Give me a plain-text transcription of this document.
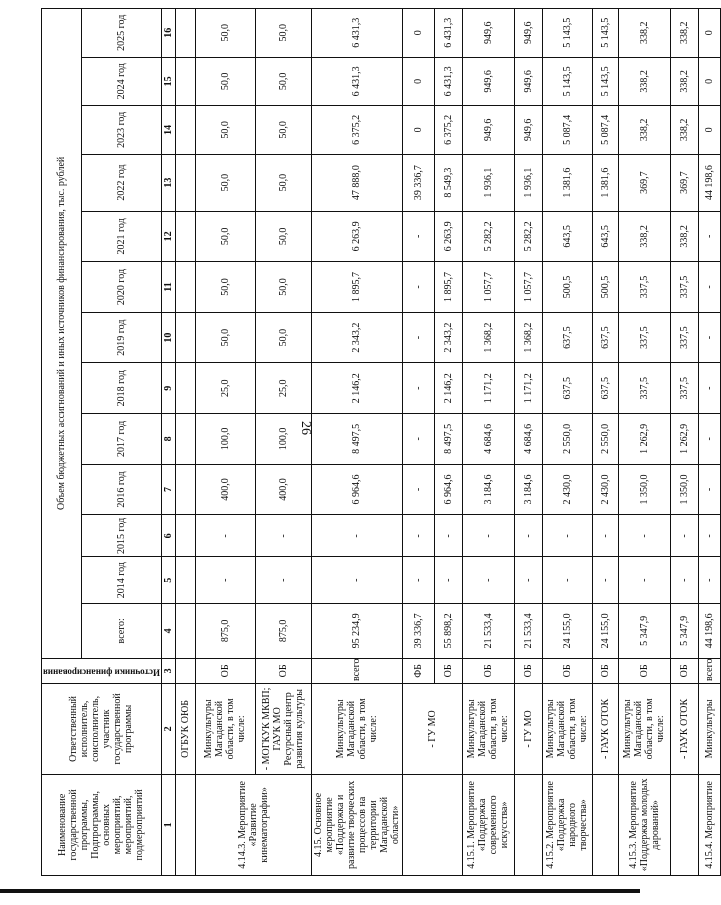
26
Наименование государственной программы, Подпрограммы, основных мероприятий, мероприятий, подмероприятий	Ответственный исполнитель, соисполнитель, участник государственной программы	Источники финансирования	Объем бюджетных ассигнований и иных источников финансирования, тыс. рублей												
			всего:	2014 год	2015 год	2016 год	2017 год	2018 год	2019 год	2020 год	2021 год	2022 год	2023 год	2024 год	2025 год
1	2	3	4	5	6	7	8	9	10	11	12	13	14	15	16
	ОГБУК ОЮБ														
4.14.3. Мероприятие «Развитие кинематографии»	Минкультуры Магаданской области, в том числе:	ОБ	875,0	-	-	400,0	100,0	25,0	50,0	50,0	50,0	50,0	50,0	50,0	50,0
	- МОГКУК МКВП; ГАУК МО Ресурсный центр развития культуры	ОБ	875,0	-	-	400,0	100,0	25,0	50,0	50,0	50,0	50,0	50,0	50,0	50,0
4.15. Основное мероприятие «Поддержка и развитие творческих процессов на территории Магаданской области»	Минкультуры Магаданской области, в том числе:	всего	95 234,9	-	-	6 964,6	8 497,5	2 146,2	2 343,2	1 895,7	6 263,9	47 888,0	6 375,2	6 431,3	6 431,3
	- ГУ МО	ФБ	39 336,7	-	-	-	-	-	-	-	-	39 336,7	0	0	0
		ОБ	55 898,2	-	-	6 964,6	8 497,5	2 146,2	2 343,2	1 895,7	6 263,9	8 549,3	6 375,2	6 431,3	6 431,3
4.15.1. Мероприятие «Поддержка современного искусства»	Минкультуры Магаданской области, в том числе:	ОБ	21 533,4	-	-	3 184,6	4 684,6	1 171,2	1 368,2	1 057,7	5 282,2	1 936,1	949,6	949,6	949,6
	- ГУ МО	ОБ	21 533,4	-	-	3 184,6	4 684,6	1 171,2	1 368,2	1 057,7	5 282,2	1 936,1	949,6	949,6	949,6
4.15.2. Мероприятие «Поддержка народного творчества»	Минкультуры Магаданской области, в том числе:	ОБ	24 155,0	-	-	2 430,0	2 550,0	637,5	637,5	500,5	643,5	1 381,6	5 087,4	5 143,5	5 143,5
	- ГАУК ОТОК	ОБ	24 155,0	-	-	2 430,0	2 550,0	637,5	637,5	500,5	643,5	1 381,6	5 087,4	5 143,5	5 143,5
4.15.3. Мероприятие «Поддержка молодых дарований»	Минкультуры Магаданской области, в том числе:	ОБ	5 347,9	-	-	1 350,0	1 262,9	337,5	337,5	337,5	338,2	369,7	338,2	338,2	338,2
	- ГАУК ОТОК	ОБ	5 347,9	-	-	1 350,0	1 262,9	337,5	337,5	337,5	338,2	369,7	338,2	338,2	338,2
4.15.4. Мероприятие	Минкультуры	всего	44 198,6	-	-	-	-	-	-	-	-	44 198,6	0	0	0
